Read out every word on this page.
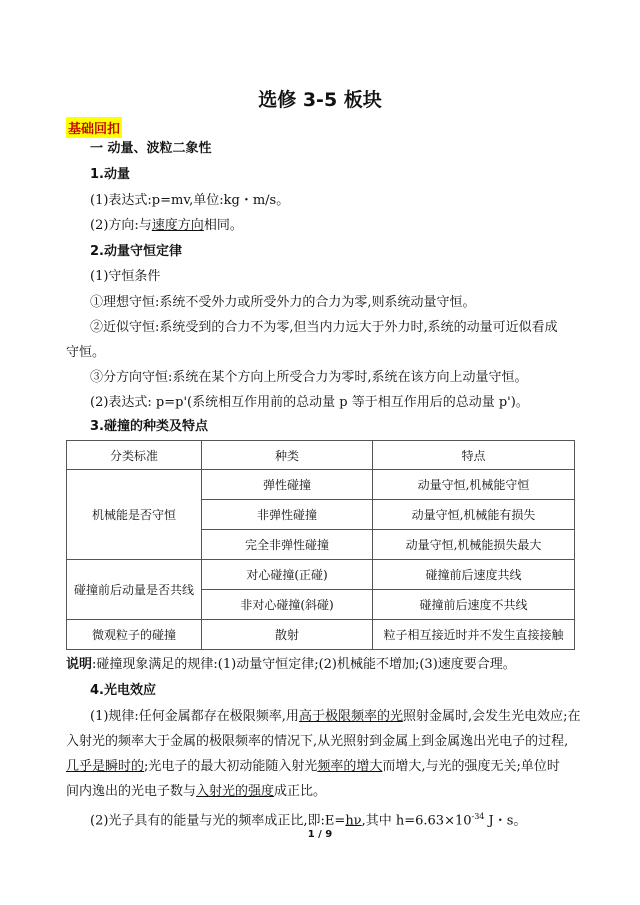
选修 3-5 板块
基础回扣
一 动量、波粒二象性
1.动量
(1)表达式:p=mv,单位:kg・m/s。
(2)方向:与速度方向相同。
2.动量守恒定律
(1)守恒条件
①理想守恒:系统不受外力或所受外力的合力为零,则系统动量守恒。
②近似守恒:系统受到的合力不为零,但当内力远大于外力时,系统的动量可近似看成
守恒。
③分方向守恒:系统在某个方向上所受合力为零时,系统在该方向上动量守恒。
(2)表达式: p=p'(系统相互作用前的总动量 p 等于相互作用后的总动量 p')。
3.碰撞的种类及特点
分类标准	种类	特点
机械能是否守恒	弹性碰撞	动量守恒,机械能守恒
	非弹性碰撞	动量守恒,机械能有损失
	完全非弹性碰撞	动量守恒,机械能损失最大
碰撞前后动量是否共线	对心碰撞(正碰)	碰撞前后速度共线
	非对心碰撞(斜碰)	碰撞前后速度不共线
微观粒子的碰撞	散射	粒子相互接近时并不发生直接接触
说明:碰撞现象满足的规律:(1)动量守恒定律;(2)机械能不增加;(3)速度要合理。
4.光电效应
(1)规律:任何金属都存在极限频率,用高于极限频率的光照射金属时,会发生光电效应;在
入射光的频率大于金属的极限频率的情况下,从光照射到金属上到金属逸出光电子的过程,
几乎是瞬时的;光电子的最大初动能随入射光频率的增大而增大,与光的强度无关;单位时
间内逸出的光电子数与入射光的强度成正比。
(2)光子具有的能量与光的频率成正比,即:E=hν,其中 $h=6.63\times 10^{-34}$ J・s。
1 / 9
